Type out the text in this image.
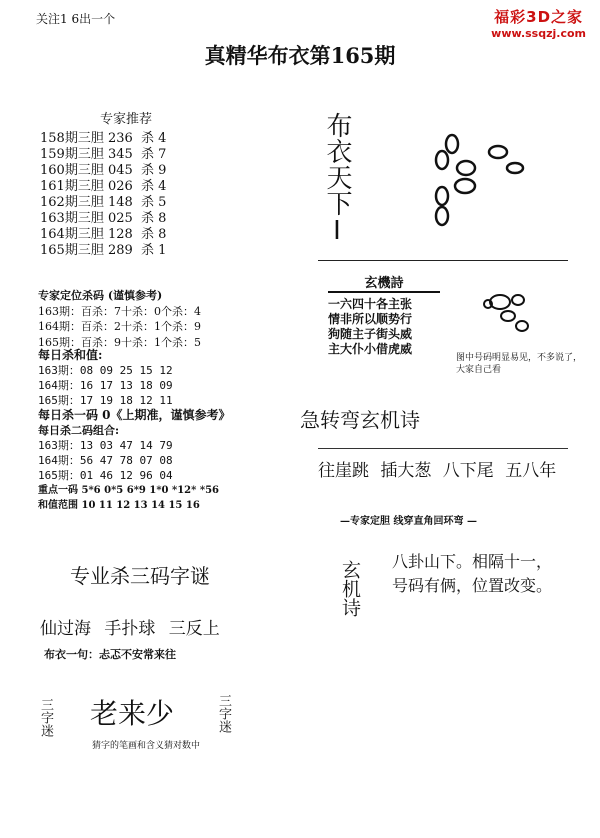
关注1 6出一个	福彩3D之家
www.ssqzj.com
真精华布衣第165期
专家推荐
158期三胆 236  杀 4
159期三胆 345  杀 7
160期三胆 045  杀 9
161期三胆 026  杀 4
162期三胆 148  杀 5
163期三胆 025  杀 8
164期三胆 128  杀 8
165期三胆 289  杀 1
专家定位杀码 (谨慎参考)
163期：百杀：7十杀：0个杀：4
164期：百杀：2十杀：1个杀：9
165期：百杀：9十杀：1个杀：5
每日杀和值:
163期：08 09 25 15 12
164期：16 17 13 18 09
165期：17 19 18 12 11
每日杀一码 0《上期准，谨慎参考》
每日杀二码组合:
163期：13 03 47 14 79
164期：56 47 78 07 08
165期：01 46 12 96 04
重点一码 5*6 0*5 6*9 1*0 *12* *56
和值范围 10 11 12 13 14 15 16
专业杀三码字谜
仙过海 手扑球 三反上
布衣一句：忐忑不安常来往
三字迷 老来少
猜字的笔画和含义猜对数中
三字迷
布衣天下I
玄機詩
一六四十各主张
情非所以顺势行
狗随主子街头威
主大仆小借虎威
图中号码明显易见，不多说了，大家自己看
急转弯玄机诗
往崖跳 插大葱 八下尾 五八年
—专家定胆 线穿直角回环弯 —
玄机诗 八卦山下。相隔十一，
号码有俩，位置改变。
